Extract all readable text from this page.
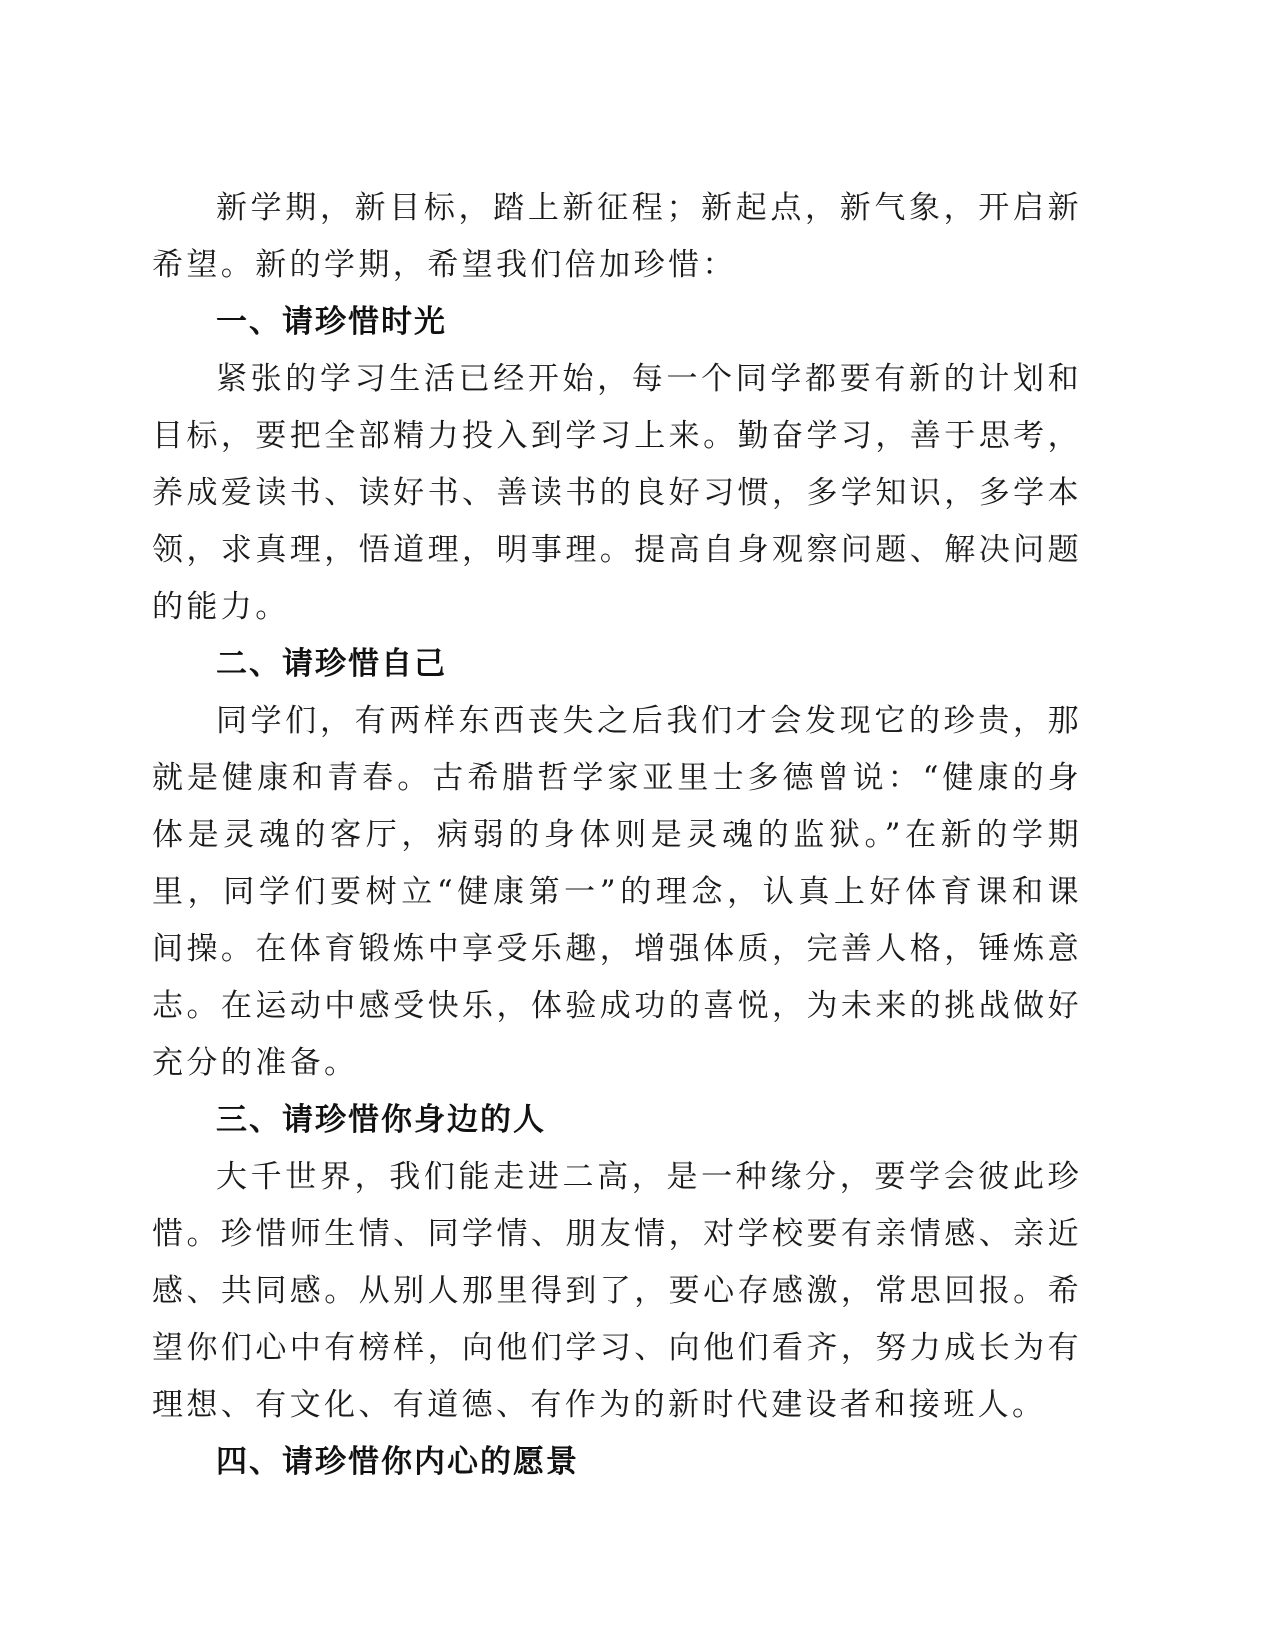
新学期，新目标，踏上新征程；新起点，新气象，开启新希望。新的学期，希望我们倍加珍惜：

一、请珍惜时光

紧张的学习生活已经开始，每一个同学都要有新的计划和目标，要把全部精力投入到学习上来。勤奋学习，善于思考，养成爱读书、读好书、善读书的良好习惯，多学知识，多学本领，求真理，悟道理，明事理。提高自身观察问题、解决问题的能力。

二、请珍惜自己

同学们，有两样东西丧失之后我们才会发现它的珍贵，那就是健康和青春。古希腊哲学家亚里士多德曾说：“健康的身体是灵魂的客厅，病弱的身体则是灵魂的监狱。”在新的学期里，同学们要树立“健康第一”的理念，认真上好体育课和课间操。在体育锻炼中享受乐趣，增强体质，完善人格，锤炼意志。在运动中感受快乐，体验成功的喜悦，为未来的挑战做好充分的准备。

三、请珍惜你身边的人

大千世界，我们能走进二高，是一种缘分，要学会彼此珍惜。珍惜师生情、同学情、朋友情，对学校要有亲情感、亲近感、共同感。从别人那里得到了，要心存感激，常思回报。希望你们心中有榜样，向他们学习、向他们看齐，努力成长为有理想、有文化、有道德、有作为的新时代建设者和接班人。

四、请珍惜你内心的愿景
